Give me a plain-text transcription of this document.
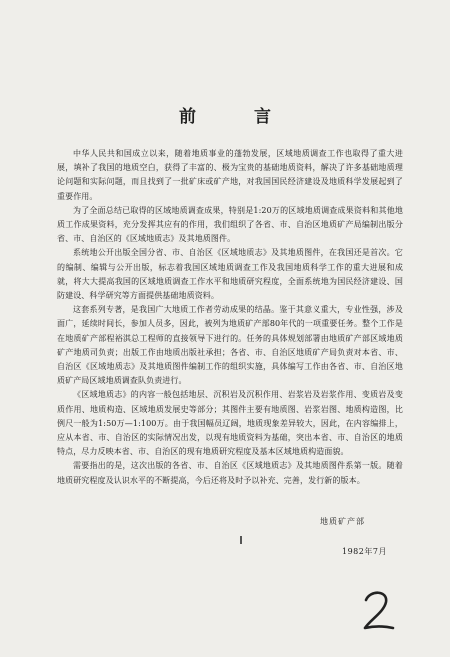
前 言

中华人民共和国成立以来，随着地质事业的蓬勃发展，区域地质调查工作也取得了重大进展，填补了我国的地质空白，获得了丰富的、极为宝贵的基础地质资料，解决了许多基础地质理论问题和实际问题，而且找到了一批矿床或矿产地，对我国国民经济建设及地质科学发展起到了重要作用。

为了全面总结已取得的区域地质调查成果，特别是1:20万的区域地质调查成果资料和其他地质工作成果资料，充分发挥其应有的作用，我们组织了各省、市、自治区地质矿产局编制出版分省、市、自治区的《区域地质志》及其地质图件。

系统地公开出版全国分省、市、自治区《区域地质志》及其地质图件，在我国还是首次。它的编制、编辑与公开出版，标志着我国区域地质调查工作及我国地质科学工作的重大进展和成就，将大大提高我国的区域地质调查工作水平和地质研究程度，全面系统地为国民经济建设、国防建设、科学研究等方面提供基础地质资料。

这套系列专著，是我国广大地质工作者劳动成果的结晶。鉴于其意义重大，专业性强，涉及面广，延续时间长，参加人员多，因此，被列为地质矿产部80年代的一项重要任务。整个工作是在地质矿产部程裕淇总工程师的直接领导下进行的。任务的具体规划部署由地质矿产部区域地质矿产地质司负责；出版工作由地质出版社承担；各省、市、自治区地质矿产局负责对本省、市、自治区《区域地质志》及其地质图件编制工作的组织实施，具体编写工作由各省、市、自治区地质矿产局区域地质调查队负责进行。

《区域地质志》的内容一般包括地层、沉积岩及沉积作用、岩浆岩及岩浆作用、变质岩及变质作用、地质构造、区域地质发展史等部分；其图件主要有地质图、岩浆岩图、地质构造图，比例尺一般为1:50万—1:100万。由于我国幅员辽阔，地质现象差异较大，因此，在内容编排上，应从本省、市、自治区的实际情况出发，以现有地质资料为基础，突出本省、市、自治区的地质特点，尽力反映本省、市、自治区的现有地质研究程度及基本区域地质构造面貌。

需要指出的是，这次出版的各省、市、自治区《区域地质志》及其地质图件系第一版。随着地质研究程度及认识水平的不断提高，今后还将及时予以补充、完善，发行新的版本。

地质矿产部
1982年7月
